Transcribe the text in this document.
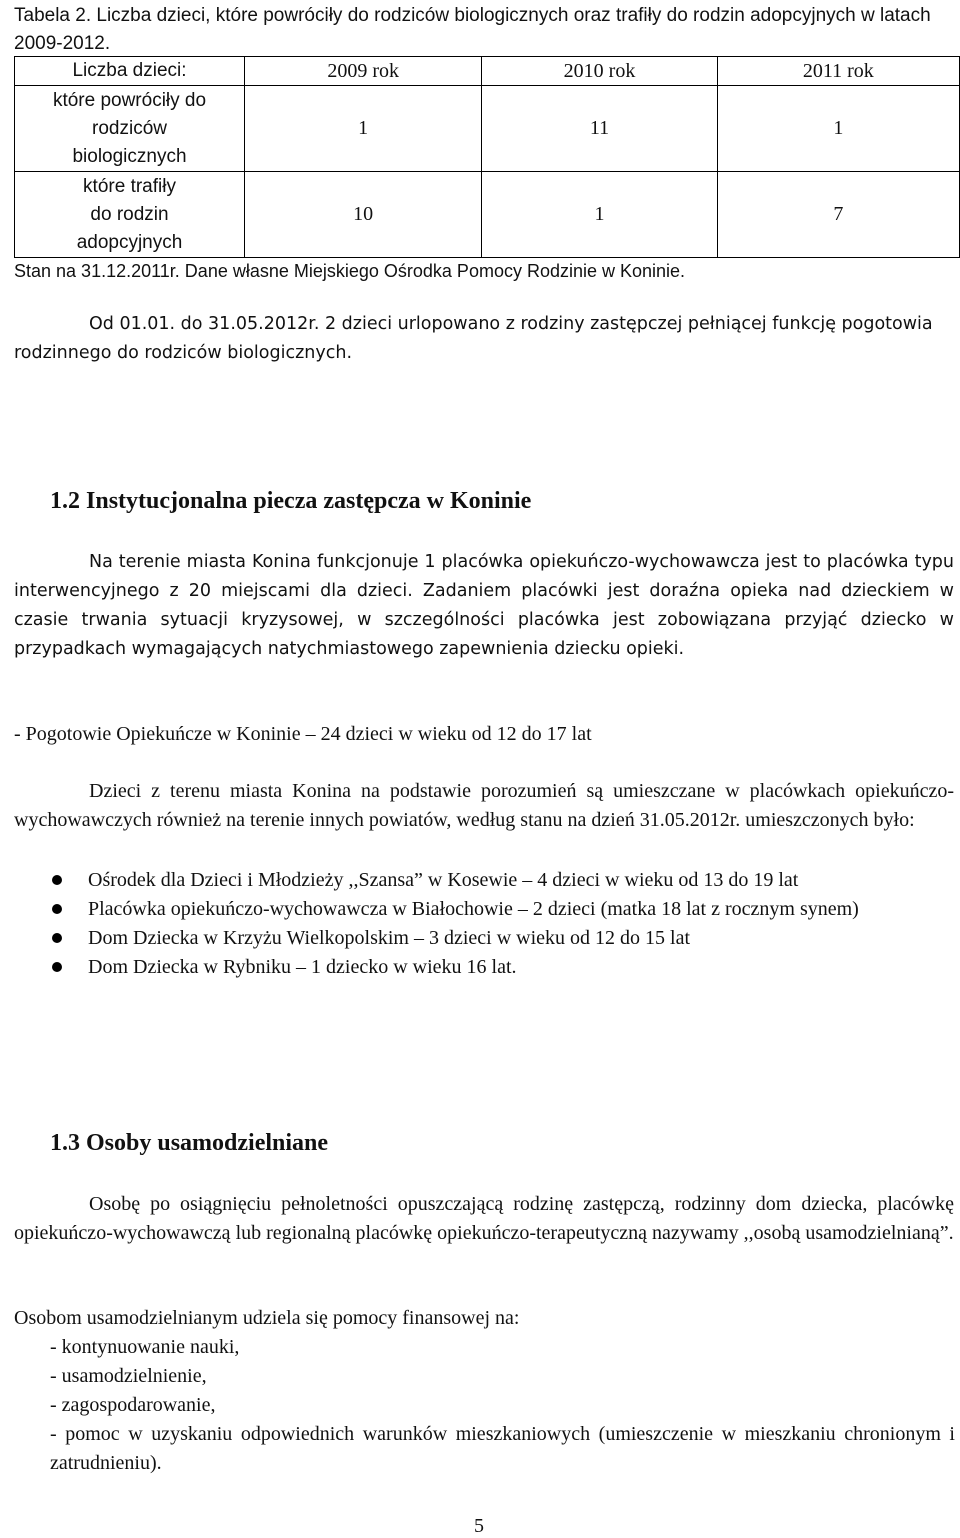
Tabela 2. Liczba dzieci, które powróciły do rodziców biologicznych oraz trafiły do rodzin adopcyjnych w latach 2009-2012.
Liczba dzieci:	2009 rok	2010 rok	2011 rok

które powróciły do
rodziców
biologicznych	1	11	1

które trafiły
do rodzin
adopcyjnych	10	1	7
Stan na 31.12.2011r. Dane własne Miejskiego Ośrodka Pomocy Rodzinie w Koninie.
Od 01.01. do 31.05.2012r. 2 dzieci urlopowano z rodziny zastępczej pełniącej funkcję pogotowia rodzinnego do rodziców biologicznych.
1.2 Instytucjonalna piecza zastępcza w Koninie
Na terenie miasta Konina funkcjonuje 1 placówka opiekuńczo-wychowawcza jest to placówka typu interwencyjnego z 20 miejscami dla dzieci. Zadaniem placówki jest doraźna opieka nad dzieckiem w czasie trwania sytuacji kryzysowej, w szczególności placówka jest zobowiązana przyjąć dziecko w przypadkach wymagających natychmiastowego zapewnienia dziecku opieki.
- Pogotowie Opiekuńcze w Koninie – 24 dzieci w wieku od 12 do 17 lat
Dzieci z terenu miasta Konina na podstawie porozumień są umieszczane w placówkach opiekuńczo-wychowawczych również na terenie innych powiatów, według stanu na dzień 31.05.2012r. umieszczonych było:
Ośrodek dla Dzieci i Młodzieży ,,Szansa” w Kosewie – 4 dzieci w wieku od 13 do 19 lat
Placówka opiekuńczo-wychowawcza w Białochowie – 2 dzieci (matka 18 lat z rocznym synem)
Dom Dziecka w Krzyżu Wielkopolskim – 3 dzieci w wieku od 12 do 15 lat
Dom Dziecka w Rybniku – 1 dziecko w wieku 16 lat.
1.3 Osoby usamodzielniane
Osobę po osiągnięciu pełnoletności opuszczającą rodzinę zastępczą, rodzinny dom dziecka, placówkę opiekuńczo-wychowawczą lub regionalną placówkę opiekuńczo-terapeutyczną nazywamy ,,osobą usamodzielnianą”.
Osobom usamodzielnianym udziela się pomocy finansowej na:
- kontynuowanie nauki,
- usamodzielnienie,
- zagospodarowanie,
- pomoc w uzyskaniu odpowiednich warunków mieszkaniowych (umieszczenie w mieszkaniu chronionym i zatrudnieniu).
5
